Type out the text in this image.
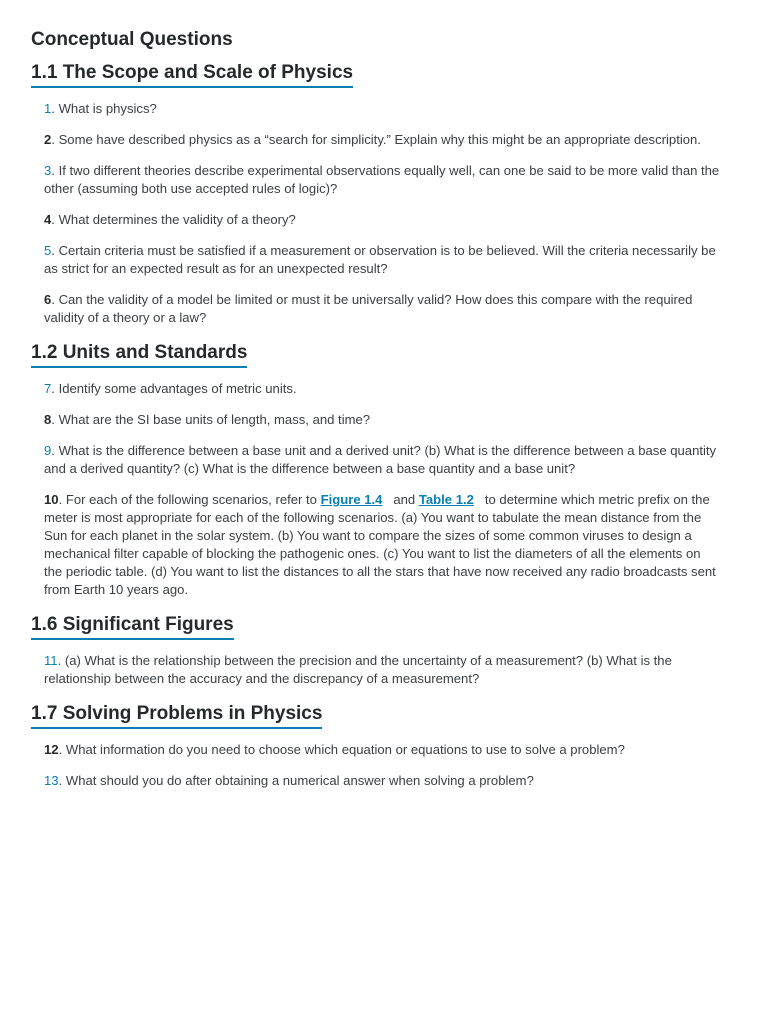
Conceptual Questions
1.1 The Scope and Scale of Physics

1. What is physics?

2. Some have described physics as a “search for simplicity.” Explain why this might be an appropriate description.

3. If two different theories describe experimental observations equally well, can one be said to be more valid than the other (assuming both use accepted rules of logic)?

4. What determines the validity of a theory?

5. Certain criteria must be satisfied if a measurement or observation is to be believed. Will the criteria necessarily be as strict for an expected result as for an unexpected result?

6. Can the validity of a model be limited or must it be universally valid? How does this compare with the required validity of a theory or a law?

1.2 Units and Standards

7. Identify some advantages of metric units.

8. What are the SI base units of length, mass, and time?

9. What is the difference between a base unit and a derived unit? (b) What is the difference between a base quantity and a derived quantity? (c) What is the difference between a base quantity and a base unit?

10. For each of the following scenarios, refer to Figure 1.4   and Table 1.2   to determine which metric prefix on the meter is most appropriate for each of the following scenarios. (a) You want to tabulate the mean distance from the Sun for each planet in the solar system. (b) You want to compare the sizes of some common viruses to design a mechanical filter capable of blocking the pathogenic ones. (c) You want to list the diameters of all the elements on the periodic table. (d) You want to list the distances to all the stars that have now received any radio broadcasts sent from Earth 10 years ago.

1.6 Significant Figures

11. (a) What is the relationship between the precision and the uncertainty of a measurement? (b) What is the relationship between the accuracy and the discrepancy of a measurement?

1.7 Solving Problems in Physics

12. What information do you need to choose which equation or equations to use to solve a problem?

13. What should you do after obtaining a numerical answer when solving a problem?
